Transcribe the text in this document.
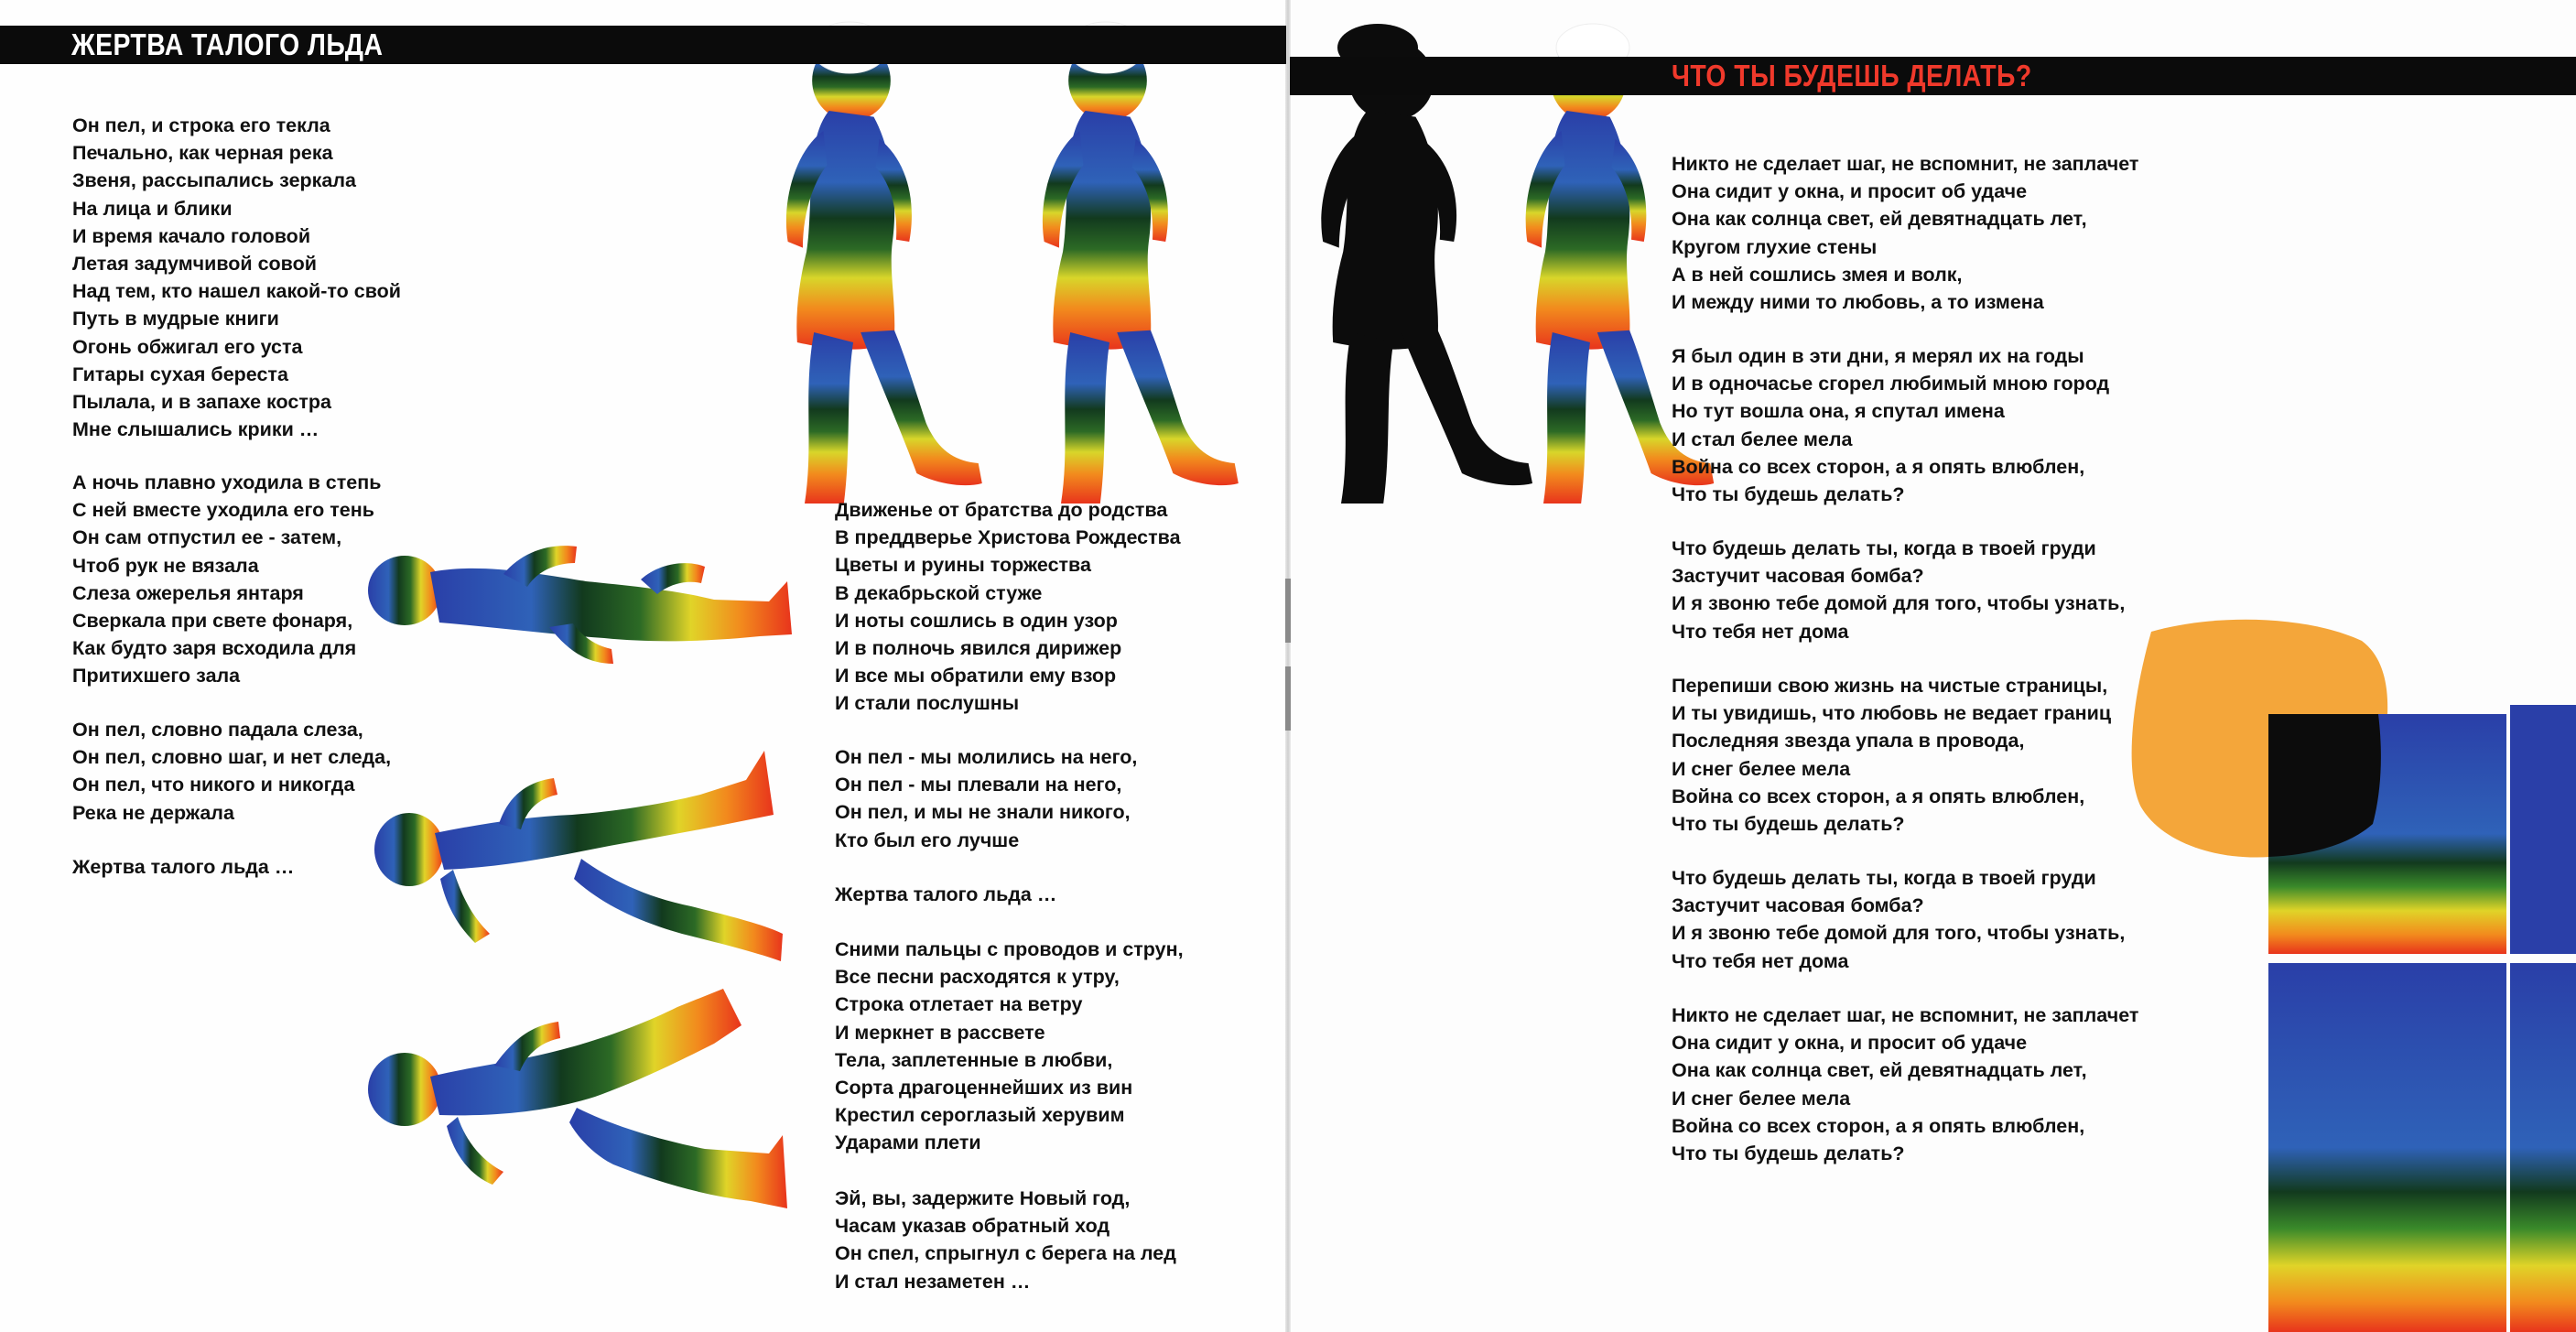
ЖЕРТВА ТАЛОГО ЛЬДА
ЧТО ТЫ БУДЕШЬ ДЕЛАТЬ?
Он пел, и строка его текла
Печально, как черная река
Звеня, рассыпались зеркала
На лица и блики
И время качало головой
Летая задумчивой совой
Над тем, кто нашел какой-то свой
Путь в мудрые книги
Огонь обжигал его уста
Гитары сухая береста
Пылала, и в запахе костра
Мне слышались крики …
А ночь плавно уходила в степь
С ней вместе уходила его тень
Он сам отпустил ее - затем,
Чтоб рук не вязала
Слеза ожерелья янтаря
Сверкала при свете фонаря,
Как будто заря всходила для
Притихшего зала
Он пел, словно падала слеза,
Он пел, словно шаг, и нет следа,
Он пел, что никого и никогда
Река не держала
Жертва талого льда …
Движенье от братства до родства
В преддверье Христова Рождества
Цветы и руины торжества
В декабрьской стуже
И ноты сошлись в один узор
И в полночь явился дирижер
И все мы обратили ему взор
И стали послушны
Он пел - мы молились на него,
Он пел - мы плевали на него,
Он пел, и мы не знали никого,
Кто был его лучше
Жертва талого льда …
Сними пальцы с проводов и струн,
Все песни расходятся к утру,
Строка отлетает на ветру
И меркнет в рассвете
Тела, заплетенные в любви,
Сорта драгоценнейших из вин
Крестил сероглазый херувим
Ударами плети
Эй, вы, задержите Новый год,
Часам указав обратный ход
Он спел, спрыгнул с берега на лед
И стал незаметен …
Никто не сделает шаг, не вспомнит, не заплачет
Она сидит у окна, и просит об удаче
Она как солнца свет, ей девятнадцать лет,
Кругом глухие стены
А в ней сошлись змея и волк,
И между ними то любовь, а то измена
Я был один в эти дни, я мерял их на годы
И в одночасье сгорел любимый мною город
Но тут вошла она, я спутал имена
И стал белее мела
Война со всех сторон, а я опять влюблен,
Что ты будешь делать?
Что будешь делать ты, когда в твоей груди
Застучит часовая бомба?
И я звоню тебе домой для того, чтобы узнать,
Что тебя нет дома
Перепиши свою жизнь на чистые страницы,
И ты увидишь, что любовь не ведает границ
Последняя звезда упала в провода,
И снег белее мела
Война со всех сторон, а я опять влюблен,
Что ты будешь делать?
Что будешь делать ты, когда в твоей груди
Застучит часовая бомба?
И я звоню тебе домой для того, чтобы узнать,
Что тебя нет дома
Никто не сделает шаг, не вспомнит, не заплачет
Она сидит у окна, и просит об удаче
Она как солнца свет, ей девятнадцать лет,
И снег белее мела
Война со всех сторон, а я опять влюблен,
Что ты будешь делать?
